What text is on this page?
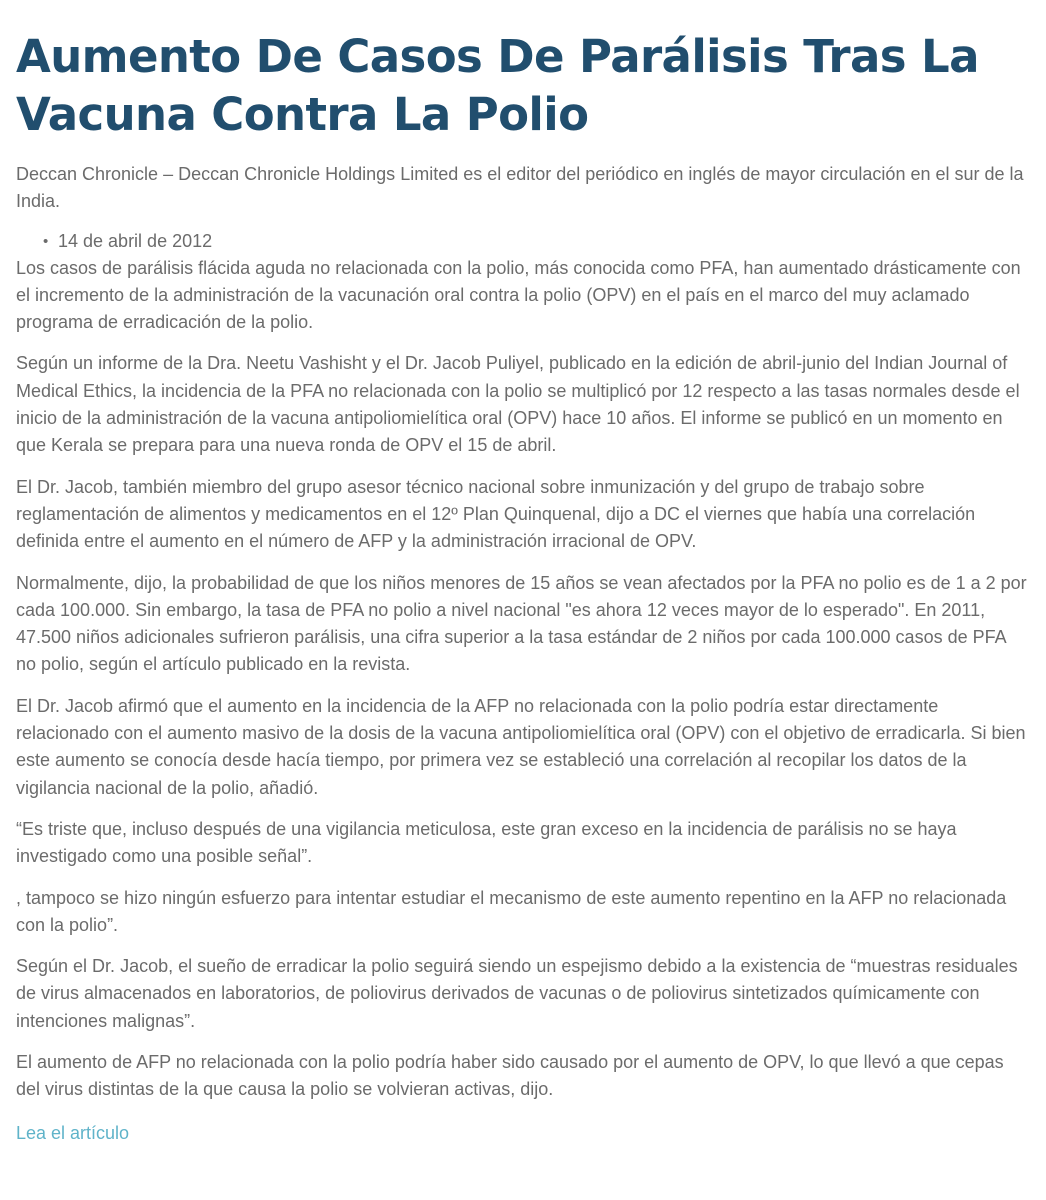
Aumento De Casos De Parálisis Tras La Vacuna Contra La Polio

Deccan Chronicle – Deccan Chronicle Holdings Limited es el editor del periódico en inglés de mayor circulación en el sur de la India.

• 14 de abril de 2012

Los casos de parálisis flácida aguda no relacionada con la polio, más conocida como PFA, han aumentado drásticamente con el incremento de la administración de la vacunación oral contra la polio (OPV) en el país en el marco del muy aclamado programa de erradicación de la polio.

Según un informe de la Dra. Neetu Vashisht y el Dr. Jacob Puliyel, publicado en la edición de abril-junio del Indian Journal of Medical Ethics, la incidencia de la PFA no relacionada con la polio se multiplicó por 12 respecto a las tasas normales desde el inicio de la administración de la vacuna antipoliomielítica oral (OPV) hace 10 años. El informe se publicó en un momento en que Kerala se prepara para una nueva ronda de OPV el 15 de abril.

El Dr. Jacob, también miembro del grupo asesor técnico nacional sobre inmunización y del grupo de trabajo sobre reglamentación de alimentos y medicamentos en el 12º Plan Quinquenal, dijo a DC el viernes que había una correlación definida entre el aumento en el número de AFP y la administración irracional de OPV.

Normalmente, dijo, la probabilidad de que los niños menores de 15 años se vean afectados por la PFA no polio es de 1 a 2 por cada 100.000. Sin embargo, la tasa de PFA no polio a nivel nacional "es ahora 12 veces mayor de lo esperado". En 2011, 47.500 niños adicionales sufrieron parálisis, una cifra superior a la tasa estándar de 2 niños por cada 100.000 casos de PFA no polio, según el artículo publicado en la revista.

El Dr. Jacob afirmó que el aumento en la incidencia de la AFP no relacionada con la polio podría estar directamente relacionado con el aumento masivo de la dosis de la vacuna antipoliomielítica oral (OPV) con el objetivo de erradicarla. Si bien este aumento se conocía desde hacía tiempo, por primera vez se estableció una correlación al recopilar los datos de la vigilancia nacional de la polio, añadió.

“Es triste que, incluso después de una vigilancia meticulosa, este gran exceso en la incidencia de parálisis no se haya investigado como una posible señal”.

, tampoco se hizo ningún esfuerzo para intentar estudiar el mecanismo de este aumento repentino en la AFP no relacionada con la polio”.

Según el Dr. Jacob, el sueño de erradicar la polio seguirá siendo un espejismo debido a la existencia de “muestras residuales de virus almacenados en laboratorios, de poliovirus derivados de vacunas o de poliovirus sintetizados químicamente con intenciones malignas”.

El aumento de AFP no relacionada con la polio podría haber sido causado por el aumento de OPV, lo que llevó a que cepas del virus distintas de la que causa la polio se volvieran activas, dijo.

Lea el artículo
